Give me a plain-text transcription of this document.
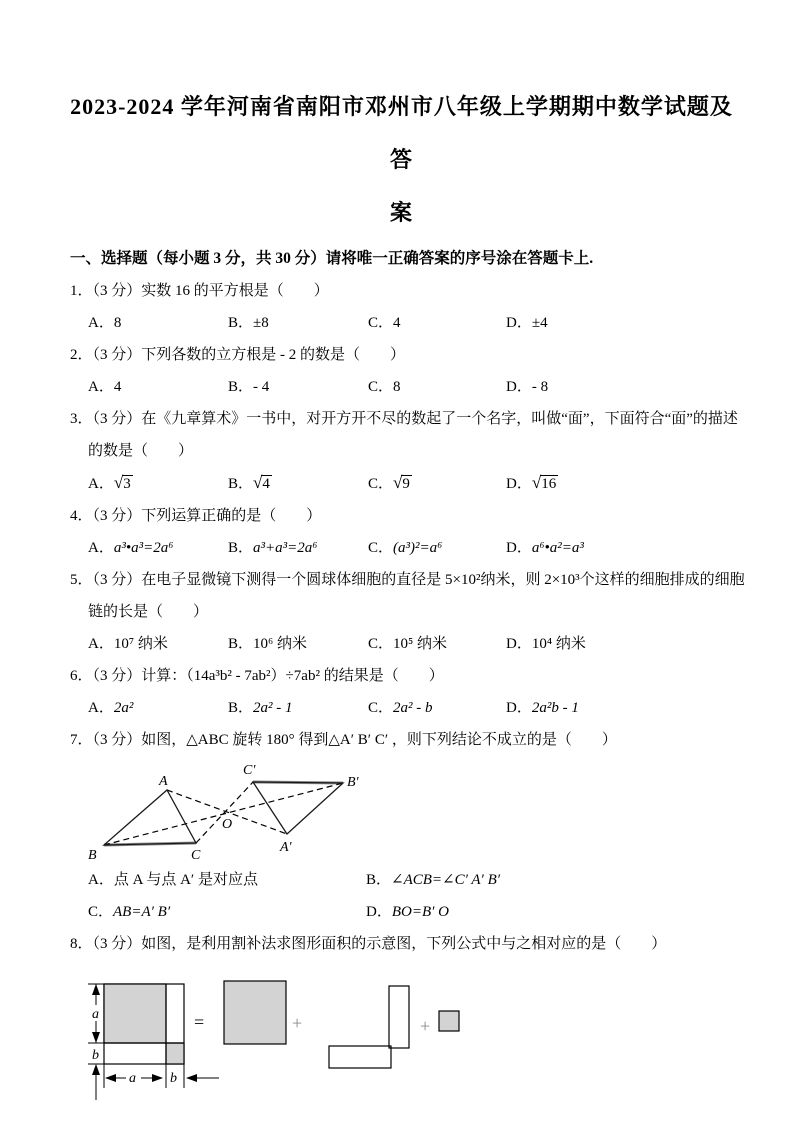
2023-2024 学年河南省南阳市邓州市八年级上学期期中数学试题及答
案
一、选择题（每小题 3 分，共 30 分）请将唯一正确答案的序号涂在答题卡上.
1．（3 分）实数 16 的平方根是（　　）
A．8	B．±8	C．4	D．±4
2．（3 分）下列各数的立方根是 - 2 的数是（　　）
A．4	B．- 4	C．8	D．- 8
3．（3 分）在《九章算术》一书中，对开方开不尽的数起了一个名字，叫做“面”，下面符合“面”的描述
的数是（　　）
A．√3	B．√4	C．√9	D．√16
4．（3 分）下列运算正确的是（　　）
A．a³•a³=2a⁶	B．a³+a³=2a⁶	C．(a³)²=a⁶	D．a⁶•a²=a³
5．（3 分）在电子显微镜下测得一个圆球体细胞的直径是 5×10²纳米，则 2×10³个这样的细胞排成的细胞
链的长是（　　）
A．10⁷ 纳米	B．10⁶ 纳米	C．10⁵ 纳米	D．10⁴ 纳米
6．（3 分）计算：（14a³b² - 7ab²）÷7ab² 的结果是（　　）
A．2a²	B．2a² - 1	C．2a² - b	D．2a²b - 1
7．（3 分）如图，△ABC 旋转 180° 得到△A′ B′ C′ ，则下列结论不成立的是（　　）
A
B	C
O
C′
B′
A′
A．点 A 与点 A′ 是对应点	B．∠ACB=∠C′ A′ B′
C．AB=A′ B′	D．BO=B′ O
8．（3 分）如图，是利用割补法求图形面积的示意图，下列公式中与之相对应的是（　　）
a
b
a b
=	+	+
